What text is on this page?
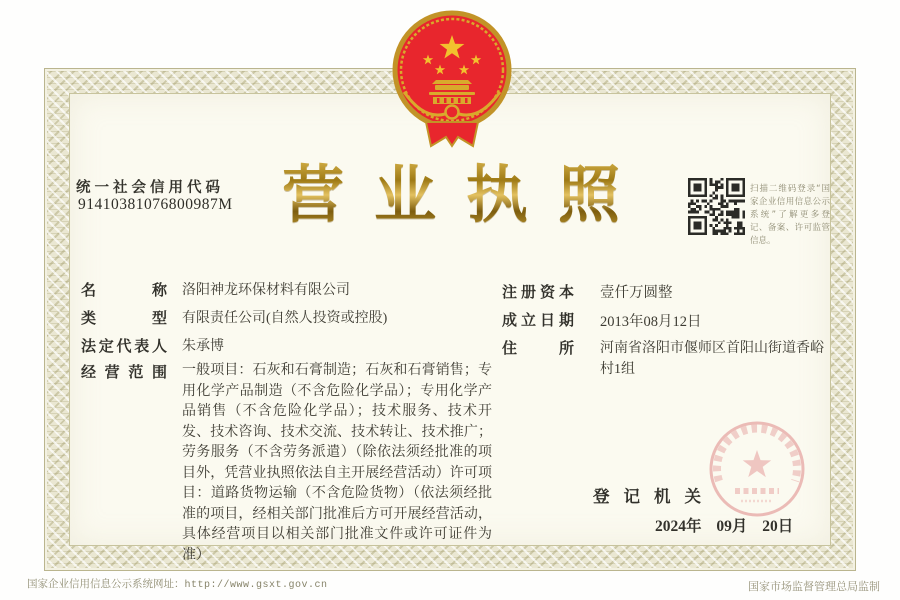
统一社会信用代码
91410381076800987M 营业执照	扫描二维码登录“国家企业信用信息公示系统”了解更多登记、备案、许可监管信息。
名称 洛阳神龙环保材料有限公司
类型 有限责任公司(自然人投资或控股)
法定代表人 朱承博
经营范围 一般项目：石灰和石膏制造；石灰和石膏销售；专用化学产品制造（不含危险化学品）；专用化学产品销售（不含危险化学品）；技术服务、技术开发、技术咨询、技术交流、技术转让、技术推广；劳务服务（不含劳务派遣）（除依法须经批准的项目外，凭营业执照依法自主开展经营活动）许可项目：道路货物运输（不含危险货物）（依法须经批准的项目，经相关部门批准后方可开展经营活动，具体经营项目以相关部门批准文件或许可证件为准）
注册资本 壹仟万圆整
成立日期 2013年08月12日
住所 河南省洛阳市偃师区首阳山街道香峪村1组
登记机关
2024年 09月 20日
国家企业信用信息公示系统网址：http://www.gsxt.gov.cn	国家市场监督管理总局监制
